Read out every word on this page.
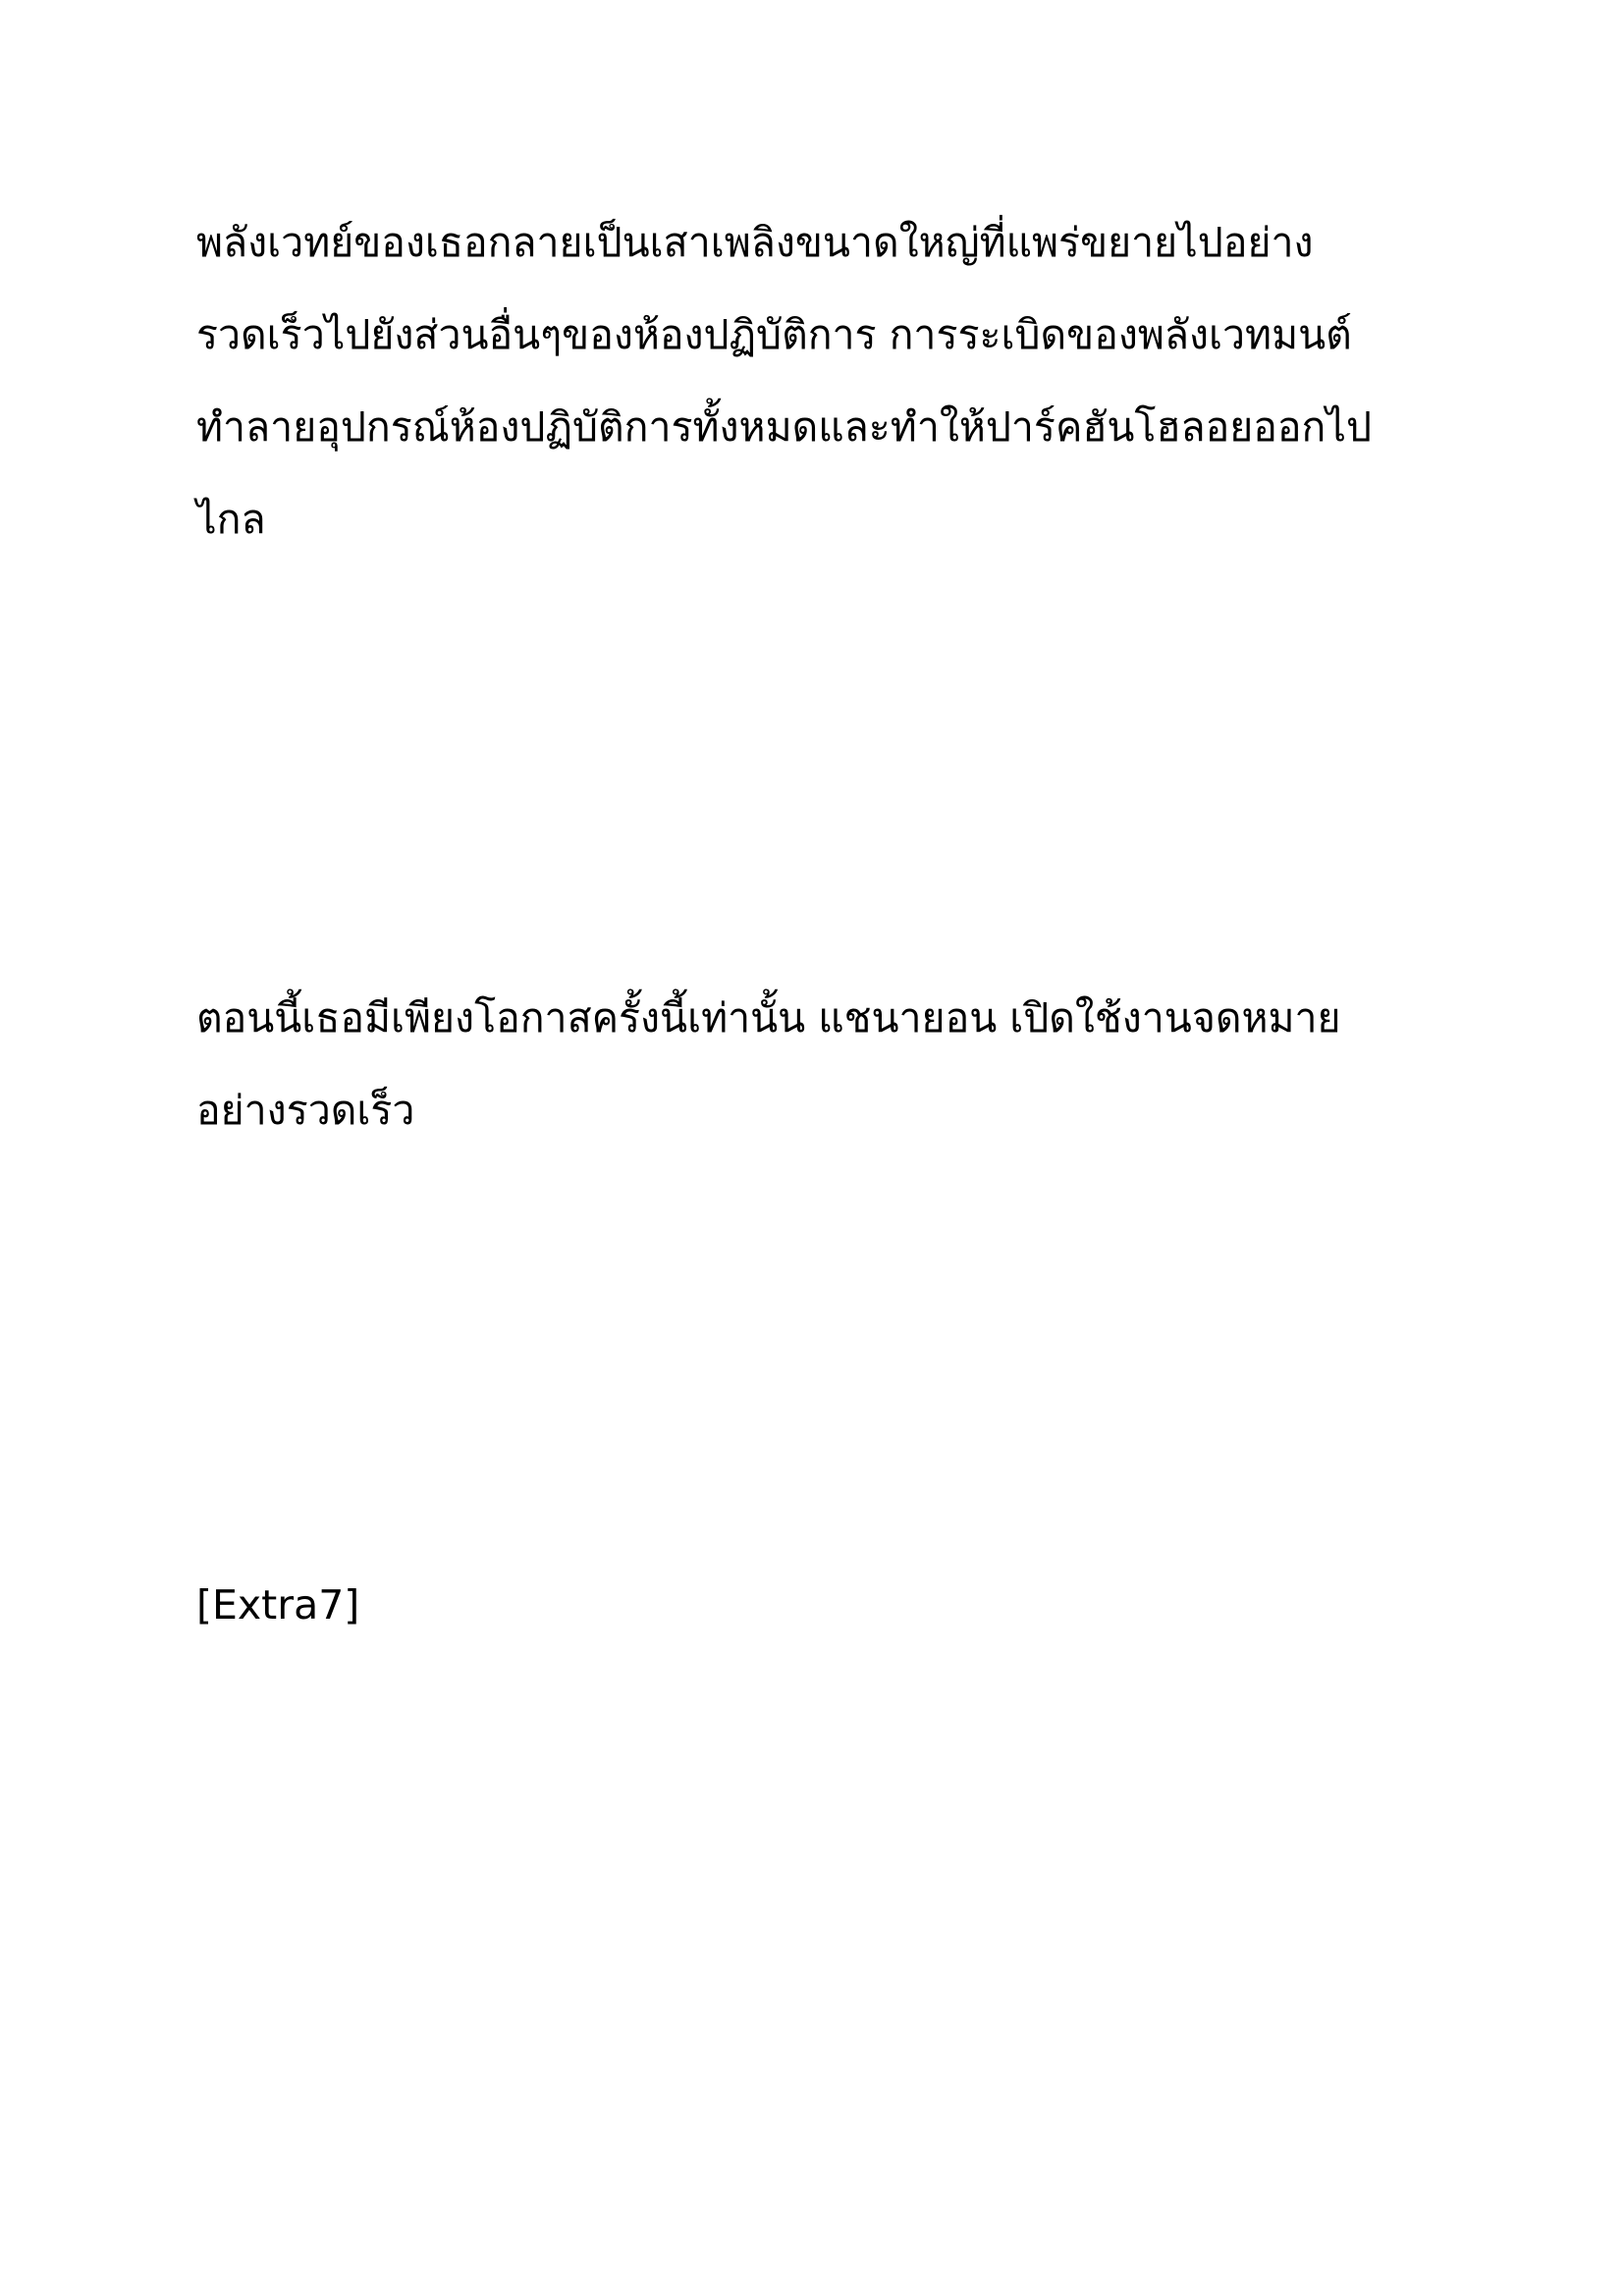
พลังเวทย์ของเธอกลายเป็นเสาเพลิงขนาดใหญ่ที่แพร่ขยายไปอย่าง
รวดเร็วไปยังส่วนอื่นๆของห้องปฏิบัติการ การระเบิดของพลังเวทมนต์
ทำลายอุปกรณ์ห้องปฏิบัติการทั้งหมดและทำให้ปาร์คฮันโฮลอยออกไป
ไกล
ตอนนี้เธอมีเพียงโอกาสครั้งนี้เท่านั้น แชนายอน เปิดใช้งานจดหมาย
อย่างรวดเร็ว
[Extra7]
